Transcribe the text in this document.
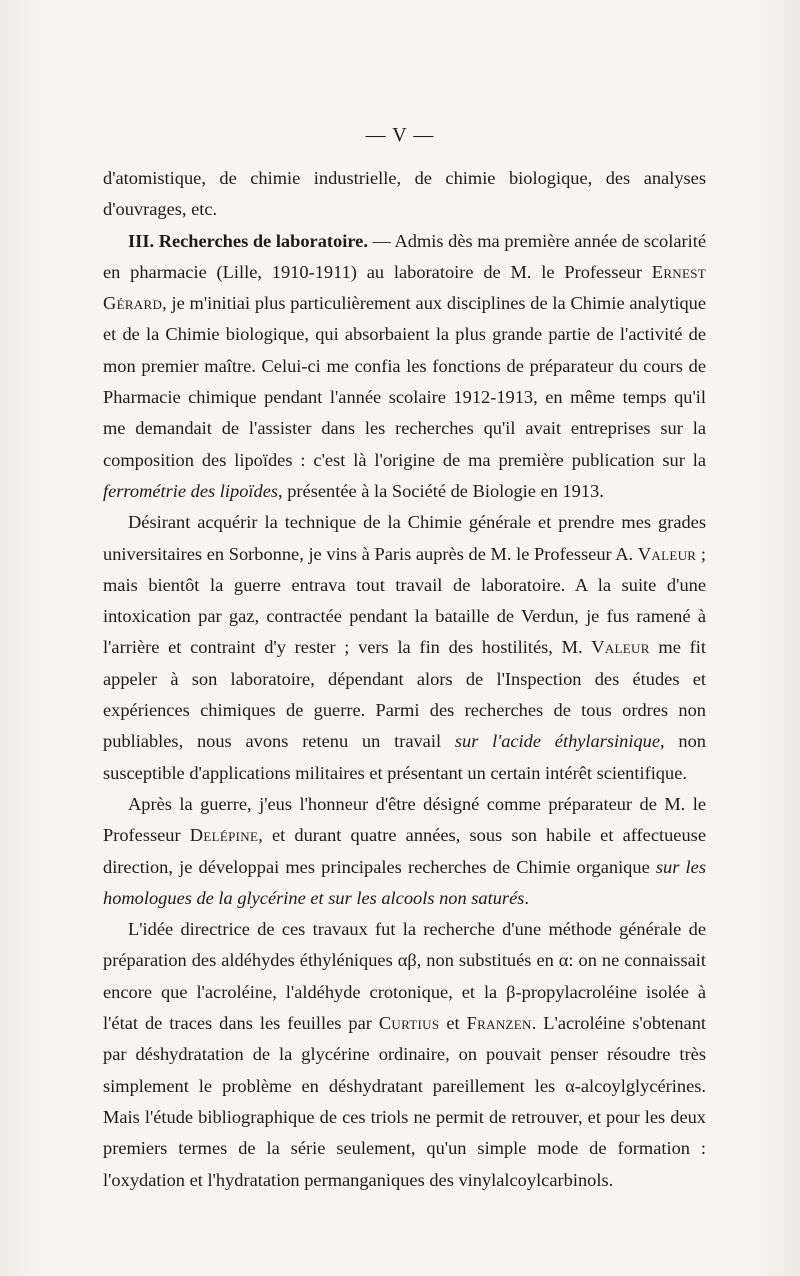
— V —

d'atomistique, de chimie industrielle, de chimie biologique, des analyses d'ouvrages, etc.

III. Recherches de laboratoire. — Admis dès ma première année de scolarité en pharmacie (Lille, 1910-1911) au laboratoire de M. le Professeur Ernest Gérard, je m'initiai plus particulièrement aux disciplines de la Chimie analytique et de la Chimie biologique, qui absorbaient la plus grande partie de l'activité de mon premier maître. Celui-ci me confia les fonctions de préparateur du cours de Pharmacie chimique pendant l'année scolaire 1912-1913, en même temps qu'il me demandait de l'assister dans les recherches qu'il avait entreprises sur la composition des lipoïdes : c'est là l'origine de ma première publication sur la ferrométrie des lipoïdes, présentée à la Société de Biologie en 1913.

Désirant acquérir la technique de la Chimie générale et prendre mes grades universitaires en Sorbonne, je vins à Paris auprès de M. le Professeur A. Valeur ; mais bientôt la guerre entrava tout travail de laboratoire. A la suite d'une intoxication par gaz, contractée pendant la bataille de Verdun, je fus ramené à l'arrière et contraint d'y rester ; vers la fin des hostilités, M. Valeur me fit appeler à son laboratoire, dépendant alors de l'Inspection des études et expériences chimiques de guerre. Parmi des recherches de tous ordres non publiables, nous avons retenu un travail sur l'acide éthylarsinique, non susceptible d'applications militaires et présentant un certain intérêt scientifique.

Après la guerre, j'eus l'honneur d'être désigné comme préparateur de M. le Professeur Delépine, et durant quatre années, sous son habile et affectueuse direction, je développai mes principales recherches de Chimie organique sur les homologues de la glycérine et sur les alcools non saturés.

L'idée directrice de ces travaux fut la recherche d'une méthode générale de préparation des aldéhydes éthyléniques αβ, non substitués en α: on ne connaissait encore que l'acroléine, l'aldéhyde crotonique, et la β-propylacroléine isolée à l'état de traces dans les feuilles par Curtius et Franzen. L'acroléine s'obtenant par déshydratation de la glycérine ordinaire, on pouvait penser résoudre très simplement le problème en déshydratant pareillement les α-alcoylglycérines. Mais l'étude bibliographique de ces triols ne permit de retrouver, et pour les deux premiers termes de la série seulement, qu'un simple mode de formation : l'oxydation et l'hydratation permanganiques des vinylalcoylcarbinols.
